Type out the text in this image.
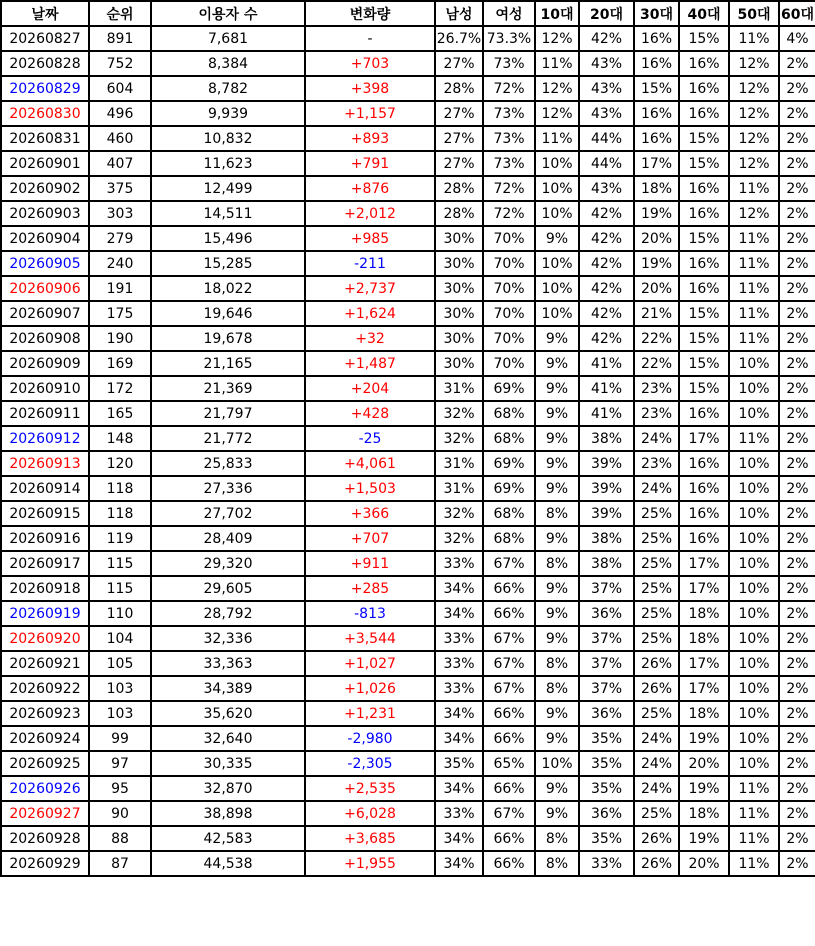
날짜	순위	이용자 수	변화량	남성	여성	10대	20대	30대	40대	50대	60대
20260827	891	7,681	-	26.7%	73.3%	12%	42%	16%	15%	11%	4%
20260828	752	8,384	+703	27%	73%	11%	43%	16%	16%	12%	2%
20260829	604	8,782	+398	28%	72%	12%	43%	15%	16%	12%	2%
20260830	496	9,939	+1,157	27%	73%	12%	43%	16%	16%	12%	2%
20260831	460	10,832	+893	27%	73%	11%	44%	16%	15%	12%	2%
20260901	407	11,623	+791	27%	73%	10%	44%	17%	15%	12%	2%
20260902	375	12,499	+876	28%	72%	10%	43%	18%	16%	11%	2%
20260903	303	14,511	+2,012	28%	72%	10%	42%	19%	16%	12%	2%
20260904	279	15,496	+985	30%	70%	9%	42%	20%	15%	11%	2%
20260905	240	15,285	-211	30%	70%	10%	42%	19%	16%	11%	2%
20260906	191	18,022	+2,737	30%	70%	10%	42%	20%	16%	11%	2%
20260907	175	19,646	+1,624	30%	70%	10%	42%	21%	15%	11%	2%
20260908	190	19,678	+32	30%	70%	9%	42%	22%	15%	11%	2%
20260909	169	21,165	+1,487	30%	70%	9%	41%	22%	15%	10%	2%
20260910	172	21,369	+204	31%	69%	9%	41%	23%	15%	10%	2%
20260911	165	21,797	+428	32%	68%	9%	41%	23%	16%	10%	2%
20260912	148	21,772	-25	32%	68%	9%	38%	24%	17%	11%	2%
20260913	120	25,833	+4,061	31%	69%	9%	39%	23%	16%	10%	2%
20260914	118	27,336	+1,503	31%	69%	9%	39%	24%	16%	10%	2%
20260915	118	27,702	+366	32%	68%	8%	39%	25%	16%	10%	2%
20260916	119	28,409	+707	32%	68%	9%	38%	25%	16%	10%	2%
20260917	115	29,320	+911	33%	67%	8%	38%	25%	17%	10%	2%
20260918	115	29,605	+285	34%	66%	9%	37%	25%	17%	10%	2%
20260919	110	28,792	-813	34%	66%	9%	36%	25%	18%	10%	2%
20260920	104	32,336	+3,544	33%	67%	9%	37%	25%	18%	10%	2%
20260921	105	33,363	+1,027	33%	67%	8%	37%	26%	17%	10%	2%
20260922	103	34,389	+1,026	33%	67%	8%	37%	26%	17%	10%	2%
20260923	103	35,620	+1,231	34%	66%	9%	36%	25%	18%	10%	2%
20260924	99	32,640	-2,980	34%	66%	9%	35%	24%	19%	10%	2%
20260925	97	30,335	-2,305	35%	65%	10%	35%	24%	20%	10%	2%
20260926	95	32,870	+2,535	34%	66%	9%	35%	24%	19%	11%	2%
20260927	90	38,898	+6,028	33%	67%	9%	36%	25%	18%	11%	2%
20260928	88	42,583	+3,685	34%	66%	8%	35%	26%	19%	11%	2%
20260929	87	44,538	+1,955	34%	66%	8%	33%	26%	20%	11%	2%
